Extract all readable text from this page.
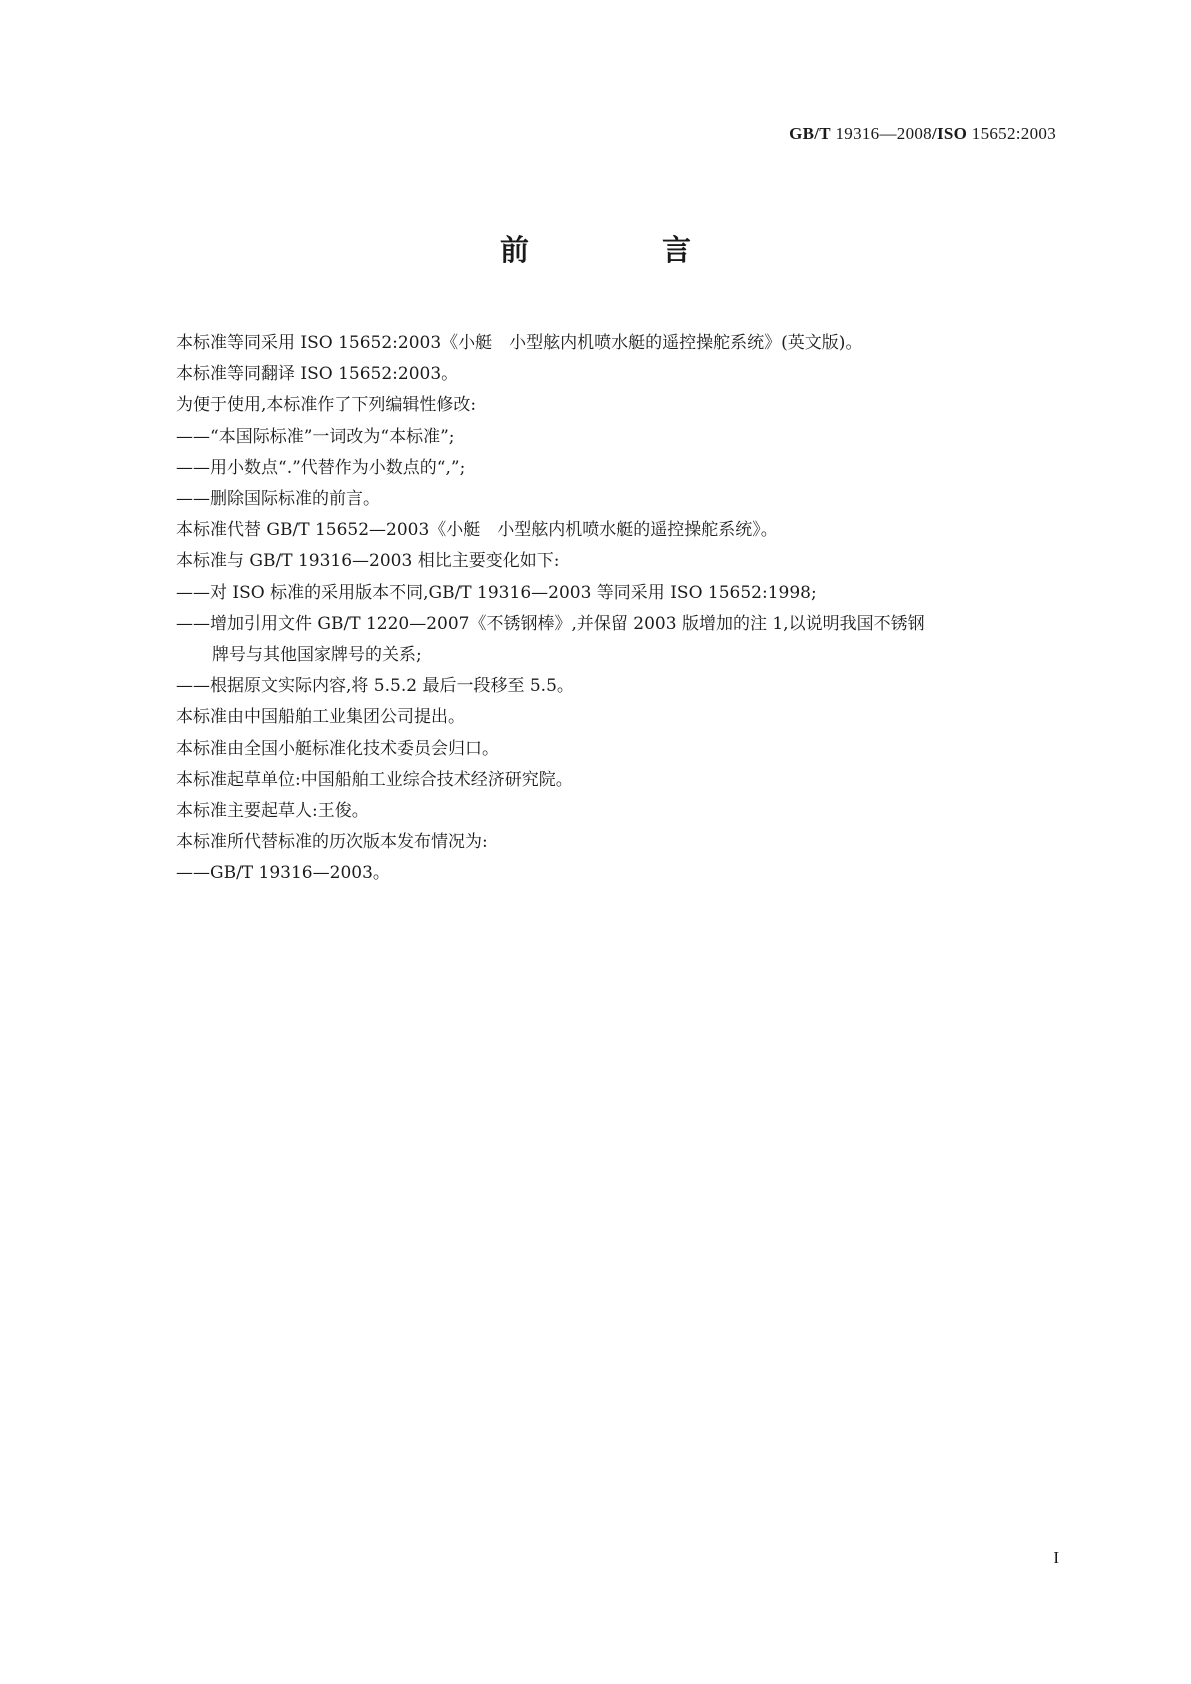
GB/T 19316—2008/ISO 15652:2003
前　言

本标准等同采用 ISO 15652:2003《小艇　小型舷内机喷水艇的遥控操舵系统》(英文版)。

本标准等同翻译 ISO 15652:2003。

为便于使用,本标准作了下列编辑性修改:

——“本国际标准”一词改为“本标准”;

——用小数点“.”代替作为小数点的“,”;

——删除国际标准的前言。

本标准代替 GB/T 15652—2003《小艇　小型舷内机喷水艇的遥控操舵系统》。

本标准与 GB/T 19316—2003 相比主要变化如下:

——对 ISO 标准的采用版本不同,GB/T 19316—2003 等同采用 ISO 15652:1998;

——增加引用文件 GB/T 1220—2007《不锈钢棒》,并保留 2003 版增加的注 1,以说明我国不锈钢

牌号与其他国家牌号的关系;

——根据原文实际内容,将 5.5.2 最后一段移至 5.5。

本标准由中国船舶工业集团公司提出。

本标准由全国小艇标准化技术委员会归口。

本标准起草单位:中国船舶工业综合技术经济研究院。

本标准主要起草人:王俊。

本标准所代替标准的历次版本发布情况为:

——GB/T 19316—2003。

I
